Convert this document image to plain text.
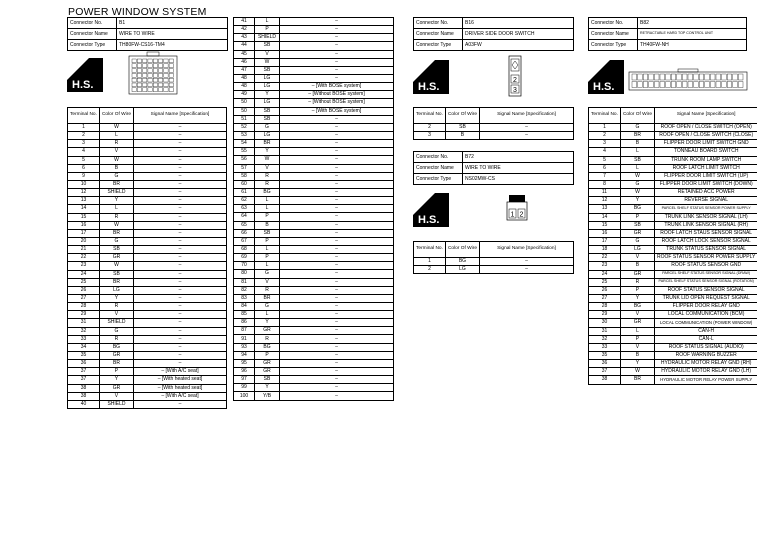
POWER WINDOW SYSTEM
Connector No.	B1
Connector Name	WIRE TO WIRE
Connector Type	TH80FW-CS16-TM4
H.S.
Terminal No.	Color Of Wire	Signal Name [Specification]
1	W	–
2	L	–
3	R	–
4	V	–
5	W	–
6	B	–
9	G	–
10	BR	–
12	SHIELD	–
13	Y	–
14	L	–
15	R	–
16	W	–
17	BR	–
20	G	–
21	SB	–
22	GR	–
23	W	–
24	SB	–
25	BR	–
26	LG	–
27	Y	–
28	R	–
29	V	–
31	SHIELD	–
32	G	–
33	R	–
34	BG	–
35	GR	–
36	BR	–
37	P	– [With A/C seat]
37	Y	– [With heated seat]
38	GR	– [With heated seat]
38	V	– [With A/C seat]
40	SHIELD	–
41	L	–
42	P	–
43	SHIELD	–
44	SB	–
45	V	–
46	W	–
47	SB	–
48	LG	–
48	LG	– [With BOSE system]
49	Y	– [Without BOSE system]
50	LG	– [Without BOSE system]
50	SB	– [With BOSE system]
51	SB	–
52	G	–
53	LG	–
54	BR	–
55	Y	–
56	W	–
57	V	–
58	R	–
60	R	–
61	BG	–
62	L	–
63	L	–
64	P	–
65	B	–
66	SB	–
67	P	–
68	L	–
69	P	–
70	L	–
80	G	–
81	V	–
82	R	–
83	BR	–
84	G	–
85	L	–
86	Y	–
87	GR	–
91	R	–
93	BG	–
94	P	–
95	GR	–
96	GR	–
97	SB	–
99	Y	–
100	Y/B	–
Connector No.	B16
Connector Name	DRIVER SIDE DOOR SWITCH
Connector Type	A03FW
H.S.
2
3
Terminal No.	Color Of Wire	Signal Name [Specification]
2	SB	–
3	B	–
Connector No.	B72
Connector Name	WIRE TO WIRE
Connector Type	NS02MW-CS
H.S.	1 2
Terminal No.	Color Of Wire	Signal Name [Specification]
1	BG	–
2	LG	–
Connector No.	B82
Connector Name	RETRACTABLE HARD TOP CONTROL UNIT
Connector Type	TH40FW-NH
H.S.
Terminal No.	Color Of Wire	Signal Name [Specification]
1	G	ROOF OPEN / CLOSE SWITCH (OPEN)
2	BR	ROOF OPEN / CLOSE SWITCH (CLOSE)
3	B	FLIPPER DOOR LIMIT SWITCH GND
4	L	TONNEAU BOARD SWITCH
5	SB	TRUNK ROOM LAMP SWITCH
6	L	ROOF LATCH LIMIT SWITCH
7	W	FLIPPER DOOR LIMIT SWITCH (UP)
8	G	FLIPPER DOOR LIMIT SWITCH (DOWN)
11	W	RETAINED ACC POWER
12	Y	REVERSE SIGNAL
13	BG	PARCEL SHELF STATUS SENSOR POWER SUPPLY
14	P	TRUNK LINK SENSOR SIGNAL (LH)
15	SB	TRUNK LINK SENSOR SIGNAL (RH)
16	GR	ROOF LATCH STAUS SENSOR SIGNAL
17	G	ROOF LATCH LOCK SENSOR SIGNAL
18	LG	TRUNK STATUS SENSOR SIGNAL
22	V	ROOF STATUS SENSOR POWER SUPPLY
23	B	ROOF STATUS SENSOR GND
24	GR	PARCEL SHELF STATUS SENSOR SIGNAL (DRAW)
25	R	PARCEL SHELF STATUS SENSOR SIGNAL (ROTATION)
26	P	ROOF STATUS SENSOR SIGNAL
27	Y	TRUNK LID OPEN REQUEST SIGNAL
28	BG	FLIPPER DOOR RELAY GND
29	V	LOCAL COMMUNICATION (BCM)
30	GR	LOCAL COMMUNICATION (POWER WINDOW)
31	L	CAN-H
32	P	CAN-L
33	V	ROOF STATUS SIGNAL (AUDIO)
35	B	ROOF WARNING BUZZER
36	Y	HYDRAULIC MOTOR RELAY GND (RH)
37	W	HYDRAULIC MOTOR RELAY GND (LH)
38	BR	HYDRAULIC MOTOR RELAY POWER SUPPLY
